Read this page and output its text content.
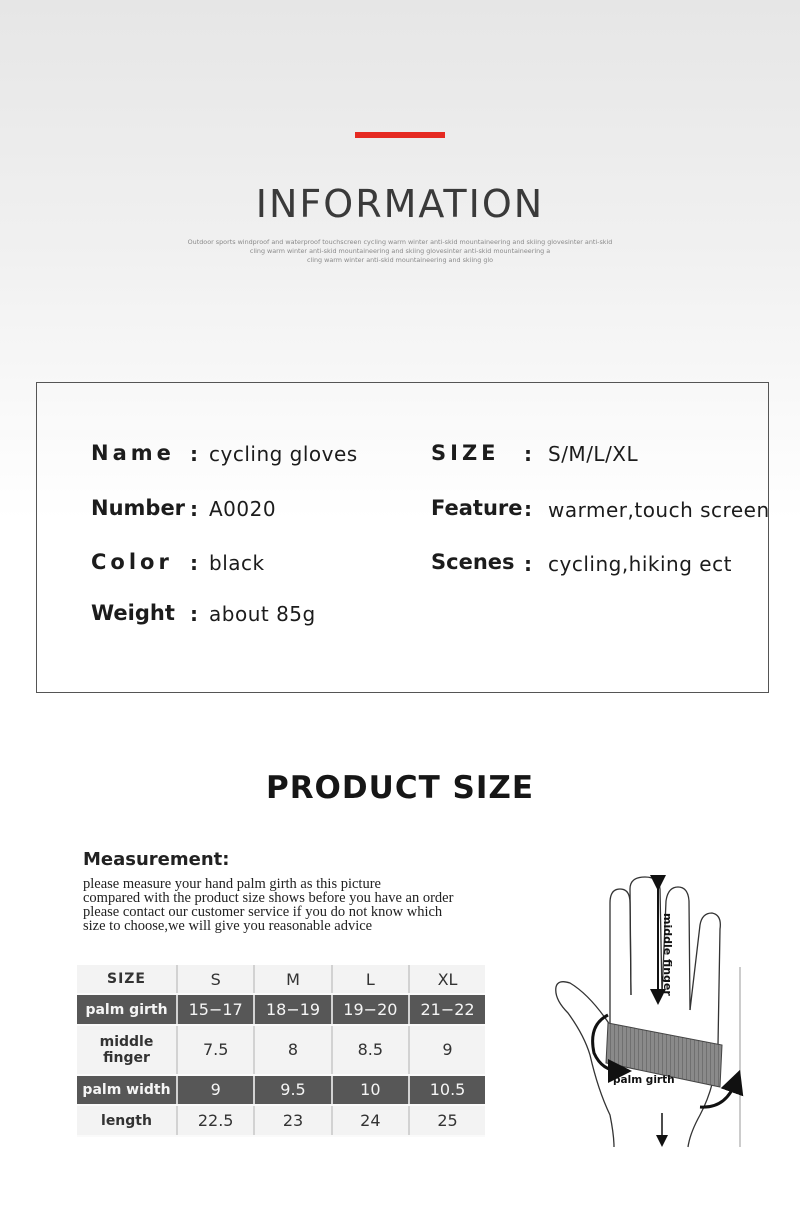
INFORMATION
Outdoor sports windproof and waterproof touchscreen cycling warm winter anti-skid mountaineering and skiing glovesinter anti-skid
cling warm winter anti-skid mountaineering and skiing glovesinter anti-skid mountaineering a
cling warm winter anti-skid mountaineering and skiing glo
Name : cycling gloves
Number : A0020
Color : black
Weight : about 85g
SIZE : S/M/L/XL
Feature : warmer,touch screen
Scenes : cycling,hiking ect
PRODUCT SIZE
Measurement:
please measure your hand palm girth as this picture
compared with the product size shows before you have an order
please contact our customer service if you do not know which
size to choose,we will give you reasonable advice
SIZE	S	M	L	XL
palm girth	15−17	18−19	19−20	21−22
middle finger	7.5	8	8.5	9
palm width	9	9.5	10	10.5
length	22.5	23	24	25
middle finger
palm girth
